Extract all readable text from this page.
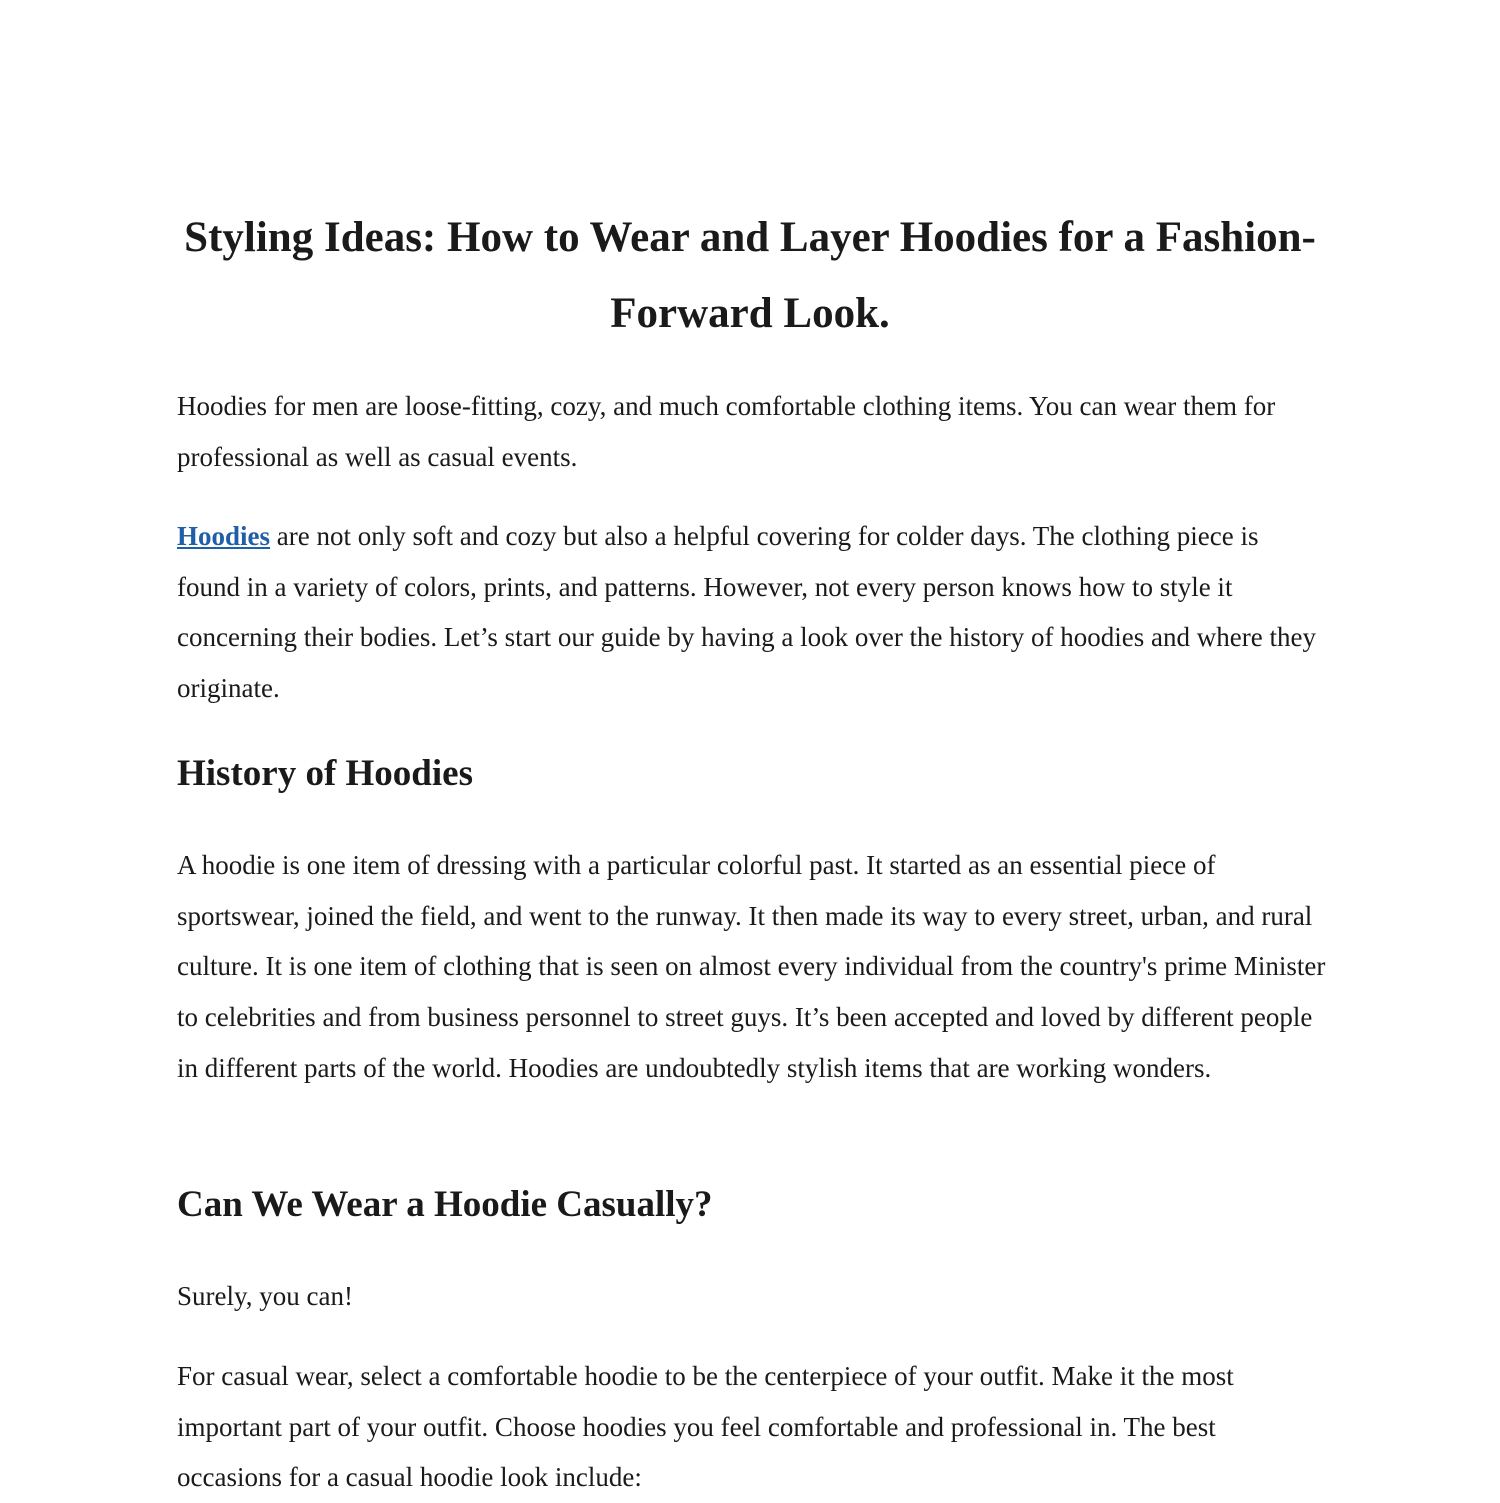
Styling Ideas: How to Wear and Layer Hoodies for a Fashion-Forward Look.

Hoodies for men are loose-fitting, cozy, and much comfortable clothing items. You can wear them for professional as well as casual events.

Hoodies are not only soft and cozy but also a helpful covering for colder days. The clothing piece is found in a variety of colors, prints, and patterns. However, not every person knows how to style it concerning their bodies. Let’s start our guide by having a look over the history of hoodies and where they originate.

History of Hoodies

A hoodie is one item of dressing with a particular colorful past. It started as an essential piece of sportswear, joined the field, and went to the runway. It then made its way to every street, urban, and rural culture. It is one item of clothing that is seen on almost every individual from the country's prime Minister to celebrities and from business personnel to street guys. It’s been accepted and loved by different people in different parts of the world. Hoodies are undoubtedly stylish items that are working wonders.

Can We Wear a Hoodie Casually?

Surely, you can!

For casual wear, select a comfortable hoodie to be the centerpiece of your outfit. Make it the most important part of your outfit. Choose hoodies you feel comfortable and professional in. The best occasions for a casual hoodie look include:
